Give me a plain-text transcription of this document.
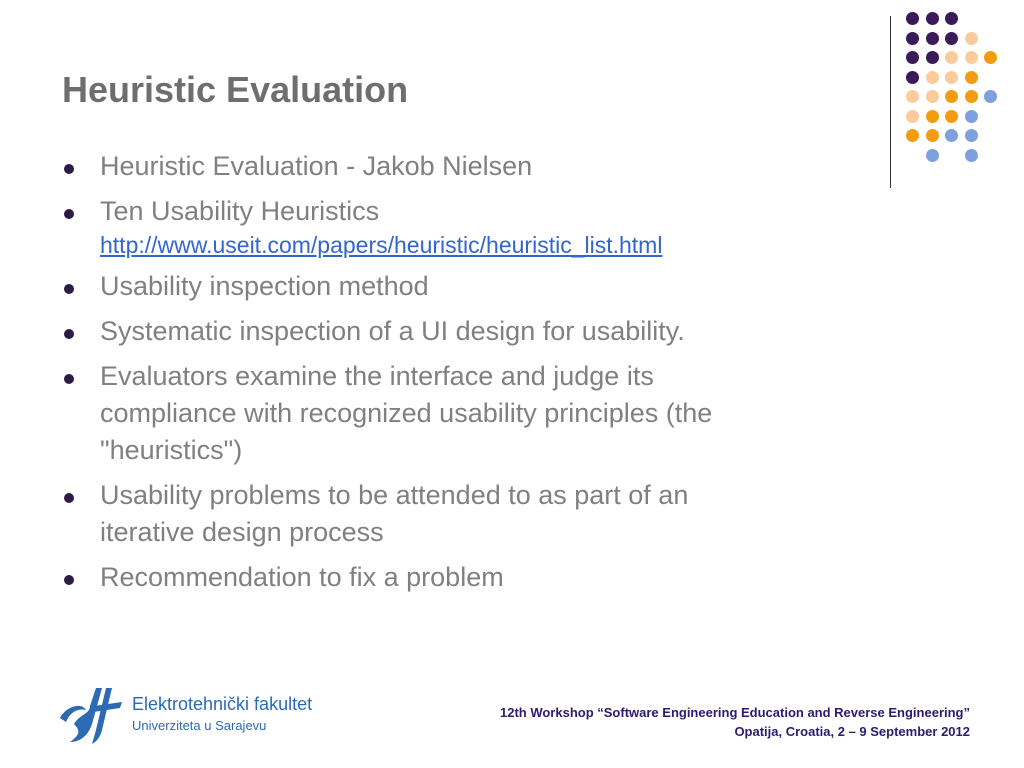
Heuristic Evaluation
Heuristic Evaluation - Jakob Nielsen
Ten Usability Heuristics
http://www.useit.com/papers/heuristic/heuristic_list.html
Usability inspection method
Systematic inspection of a UI design for usability.
Evaluators examine the interface and judge its
compliance with recognized usability principles (the
"heuristics")
Usability problems to be attended to as part of an
iterative design process
Recommendation to fix a problem
Elektrotehnički fakultet
Univerziteta u Sarajevu
12th Workshop “Software Engineering Education and Reverse Engineering”
Opatija, Croatia, 2 – 9 September 2012
